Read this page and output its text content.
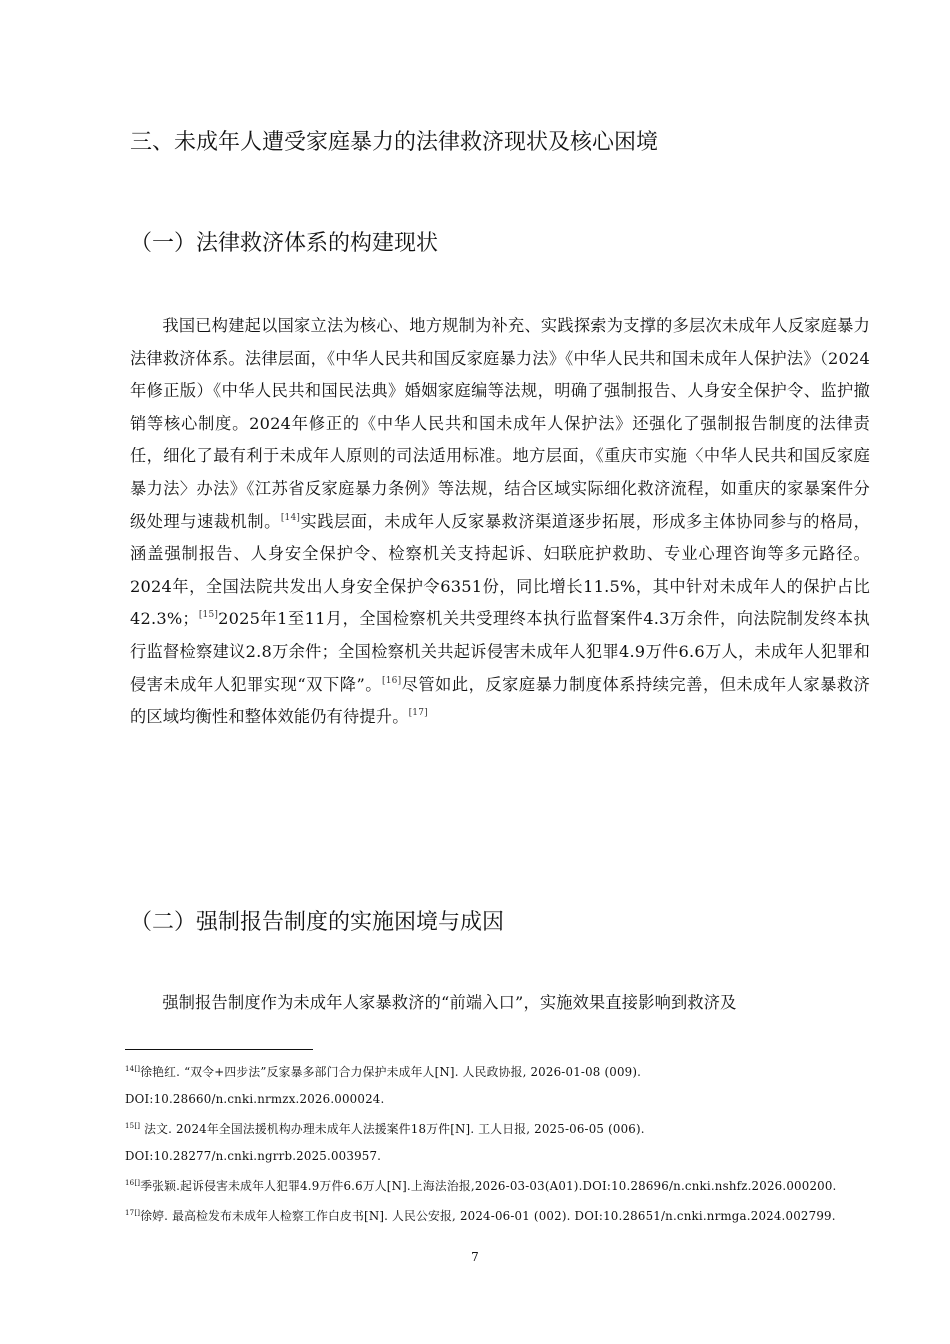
三、未成年人遭受家庭暴力的法律救济现状及核心困境
（一）法律救济体系的构建现状
我国已构建起以国家立法为核心、地方规制为补充、实践探索为支撑的多层次未成年人反家庭暴力法律救济体系。法律层面，《中华人民共和国反家庭暴力法》《中华人民共和国未成年人保护法》（2024年修正版）《中华人民共和国民法典》婚姻家庭编等法规，明确了强制报告、人身安全保护令、监护撤销等核心制度。2024年修正的《中华人民共和国未成年人保护法》还强化了强制报告制度的法律责任，细化了最有利于未成年人原则的司法适用标准。地方层面，《重庆市实施〈中华人民共和国反家庭暴力法〉办法》《江苏省反家庭暴力条例》等法规，结合区域实际细化救济流程，如重庆的家暴案件分级处理与速裁机制。[14]实践层面，未成年人反家暴救济渠道逐步拓展，形成多主体协同参与的格局，涵盖强制报告、人身安全保护令、检察机关支持起诉、妇联庇护救助、专业心理咨询等多元路径。2024年，全国法院共发出人身安全保护令6351份，同比增长11.5%，其中针对未成年人的保护占比42.3%；[15]2025年1至11月，全国检察机关共受理终本执行监督案件4.3万余件，向法院制发终本执行监督检察建议2.8万余件；全国检察机关共起诉侵害未成年人犯罪4.9万件6.6万人，未成年人犯罪和侵害未成年人犯罪实现“双下降”。[16]尽管如此，反家庭暴力制度体系持续完善，但未成年人家暴救济的区域均衡性和整体效能仍有待提升。[17]
（二）强制报告制度的实施困境与成因
强制报告制度作为未成年人家暴救济的“前端入口”，实施效果直接影响到救济及
$^{14[]}$徐艳红. “双令+四步法”反家暴多部门合力保护未成年人[N]. 人民政协报, 2026-01-08 (009). DOI:10.28660/n.cnki.nrmzx.2026.000024.
$^{15[]}$ 法文. 2024年全国法援机构办理未成年人法援案件18万件[N]. 工人日报, 2025-06-05 (006). DOI:10.28277/n.cnki.ngrrb.2025.003957.
$^{16[]}$季张颖.起诉侵害未成年人犯罪4.9万件6.6万人[N].上海法治报,2026-03-03(A01).DOI:10.28696/n.cnki.nshfz.2026.000200.
$^{17[]}$徐婷. 最高检发布未成年人检察工作白皮书[N]. 人民公安报, 2024-06-01 (002). DOI:10.28651/n.cnki.nrmga.2024.002799.
7
